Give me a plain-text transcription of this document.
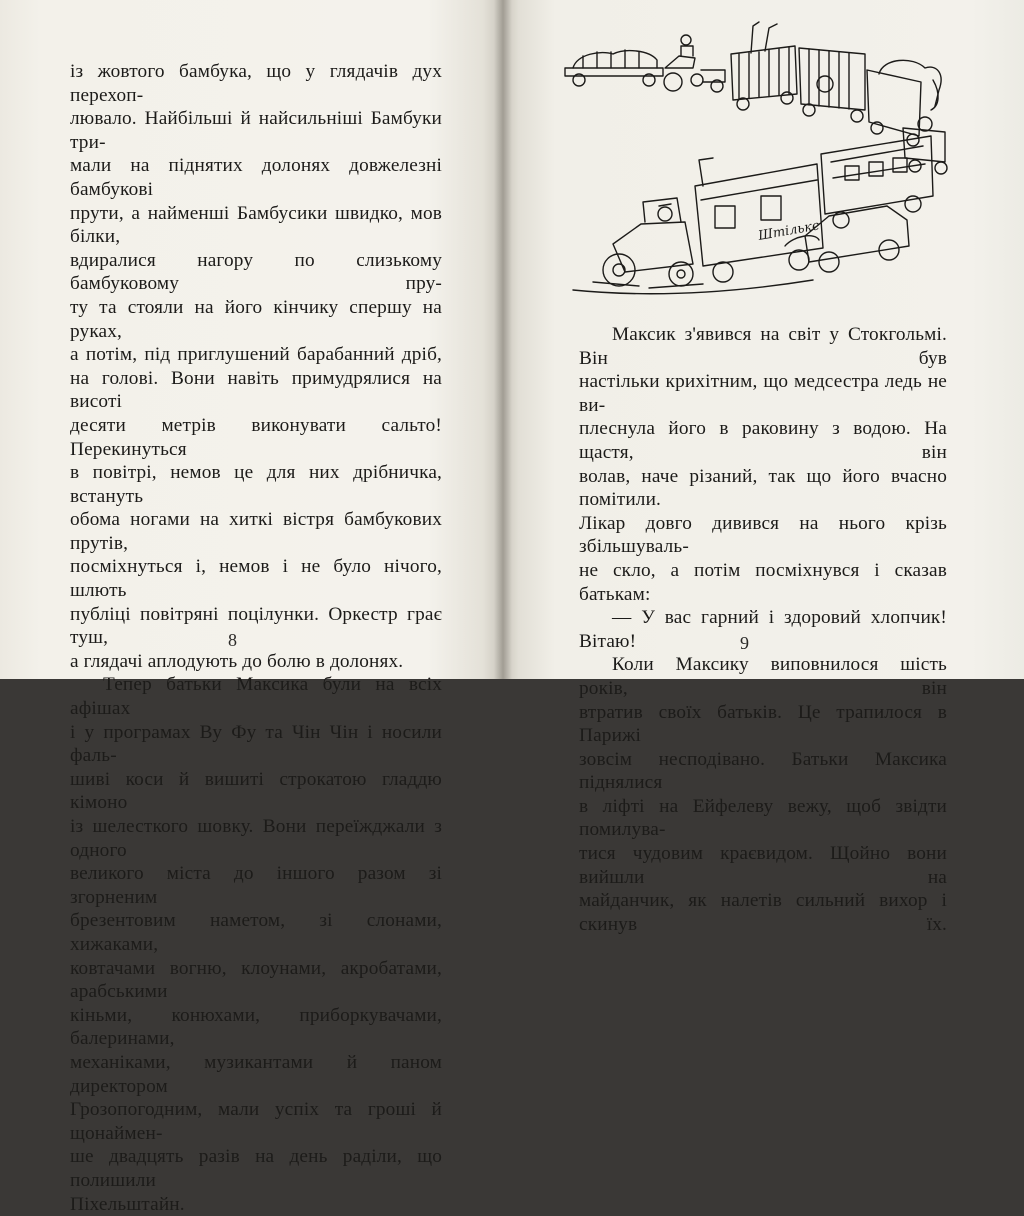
із жовтого бамбука, що у глядачів дух перехоп-

лювало. Найбільші й найсильніші Бамбуки три-

мали на піднятих долонях довжелезні бамбукові

прути, а найменші Бамбусики швидко, мов білки,

вдиралися нагору по слизькому бамбуковому пру-

ту та стояли на його кінчику спершу на руках,

а потім, під приглушений барабанний дріб,

на голові. Вони навіть примудрялися на висоті

десяти метрів виконувати сальто! Перекинуться

в повітрі, немов це для них дрібничка, встануть

обома ногами на хиткі вістря бамбукових прутів,

посміхнуться і, немов і не було нічого, шлють

публіці повітряні поцілунки. Оркестр грає туш,

а глядачі аплодують до болю в долонях.

Тепер батьки Максика були на всіх афішах

і у програмах Ву Фу та Чін Чін і носили фаль-

шиві коси й вишиті строкатою гладдю кімоно

із шелесткого шовку. Вони переїжджали з одного

великого міста до іншого разом зі згорненим

брезентовим наметом, зі слонами, хижаками,

ковтачами вогню, клоунами, акробатами, арабськими

кіньми, конюхами, приборкувачами, балеринами,

механіками, музикантами й паном директором

Грозопогодним, мали успіх та гроші й щонаймен-

ше двадцять разів на день раділи, що полишили

Піхельштайн.

8
Штільке

Максик з'явився на світ у Стокгольмі. Він був

настільки крихітним, що медсестра ледь не ви-

плеснула його в раковину з водою. На щастя, він

волав, наче різаний, так що його вчасно помітили.

Лікар довго дивився на нього крізь збільшуваль-

не скло, а потім посміхнувся і сказав батькам:

— У вас гарний і здоровий хлопчик! Вітаю!

Коли Максику виповнилося шість років, він

втратив своїх батьків. Це трапилося в Парижі

зовсім несподівано. Батьки Максика піднялися

в ліфті на Ейфелеву вежу, щоб звідти помилува-

тися чудовим краєвидом. Щойно вони вийшли на

майданчик, як налетів сильний вихор і скинув їх.

9
